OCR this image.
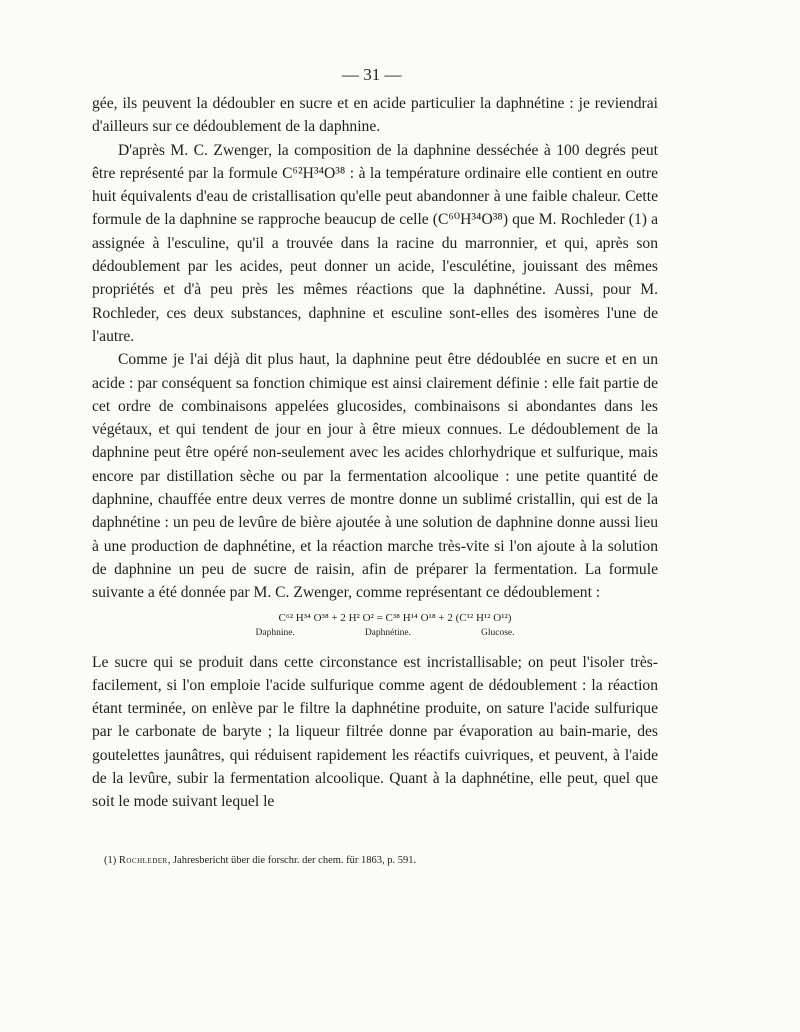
— 31 —

gée, ils peuvent la dédoubler en sucre et en acide particulier la daphnétine : je reviendrai d'ailleurs sur ce dédoublement de la daphnine.

D'après M. C. Zwenger, la composition de la daphnine desséchée à 100 degrés peut être représenté par la formule C⁶²H³⁴O³⁸ : à la température ordinaire elle contient en outre huit équivalents d'eau de cristallisation qu'elle peut abandonner à une faible chaleur. Cette formule de la daphnine se rapproche beaucup de celle (C⁶⁰H³⁴O³⁸) que M. Rochleder (1) a assignée à l'esculine, qu'il a trouvée dans la racine du marronnier, et qui, après son dédoublement par les acides, peut donner un acide, l'esculétine, jouissant des mêmes propriétés et d'à peu près les mêmes réactions que la daphnétine. Aussi, pour M. Rochleder, ces deux substances, daphnine et esculine sont-elles des isomères l'une de l'autre.

Comme je l'ai déjà dit plus haut, la daphnine peut être dédoublée en sucre et en un acide : par conséquent sa fonction chimique est ainsi clairement définie : elle fait partie de cet ordre de combinaisons appelées glucosides, combinaisons si abondantes dans les végétaux, et qui tendent de jour en jour à être mieux connues. Le dédoublement de la daphnine peut être opéré non-seulement avec les acides chlorhydrique et sulfurique, mais encore par distillation sèche ou par la fermentation alcoolique : une petite quantité de daphnine, chauffée entre deux verres de montre donne un sublimé cristallin, qui est de la daphnétine : un peu de levûre de bière ajoutée à une solution de daphnine donne aussi lieu à une production de daphnétine, et la réaction marche très-vite si l'on ajoute à la solution de daphnine un peu de sucre de raisin, afin de préparer la fermentation. La formule suivante a été donnée par M. C. Zwenger, comme représentant ce dédoublement :

C⁶² H³⁴ O³⁸ + 2 H² O² = C³⁸ H¹⁴ O¹⁸ + 2 (C¹² H¹² O¹²)
Daphnine.	Daphnétine.	Glucose.

Le sucre qui se produit dans cette circonstance est incristallisable; on peut l'isoler très-facilement, si l'on emploie l'acide sulfurique comme agent de dédoublement : la réaction étant terminée, on enlève par le filtre la daphnétine produite, on sature l'acide sulfurique par le carbonate de baryte ; la liqueur filtrée donne par évaporation au bain-marie, des goutelettes jaunâtres, qui réduisent rapidement les réactifs cuivriques, et peuvent, à l'aide de la levûre, subir la fermentation alcoolique. Quant à la daphnétine, elle peut, quel que soit le mode suivant lequel le

(1) Rochleder, Jahresbericht über die forschr. der chem. für 1863, p. 591.
